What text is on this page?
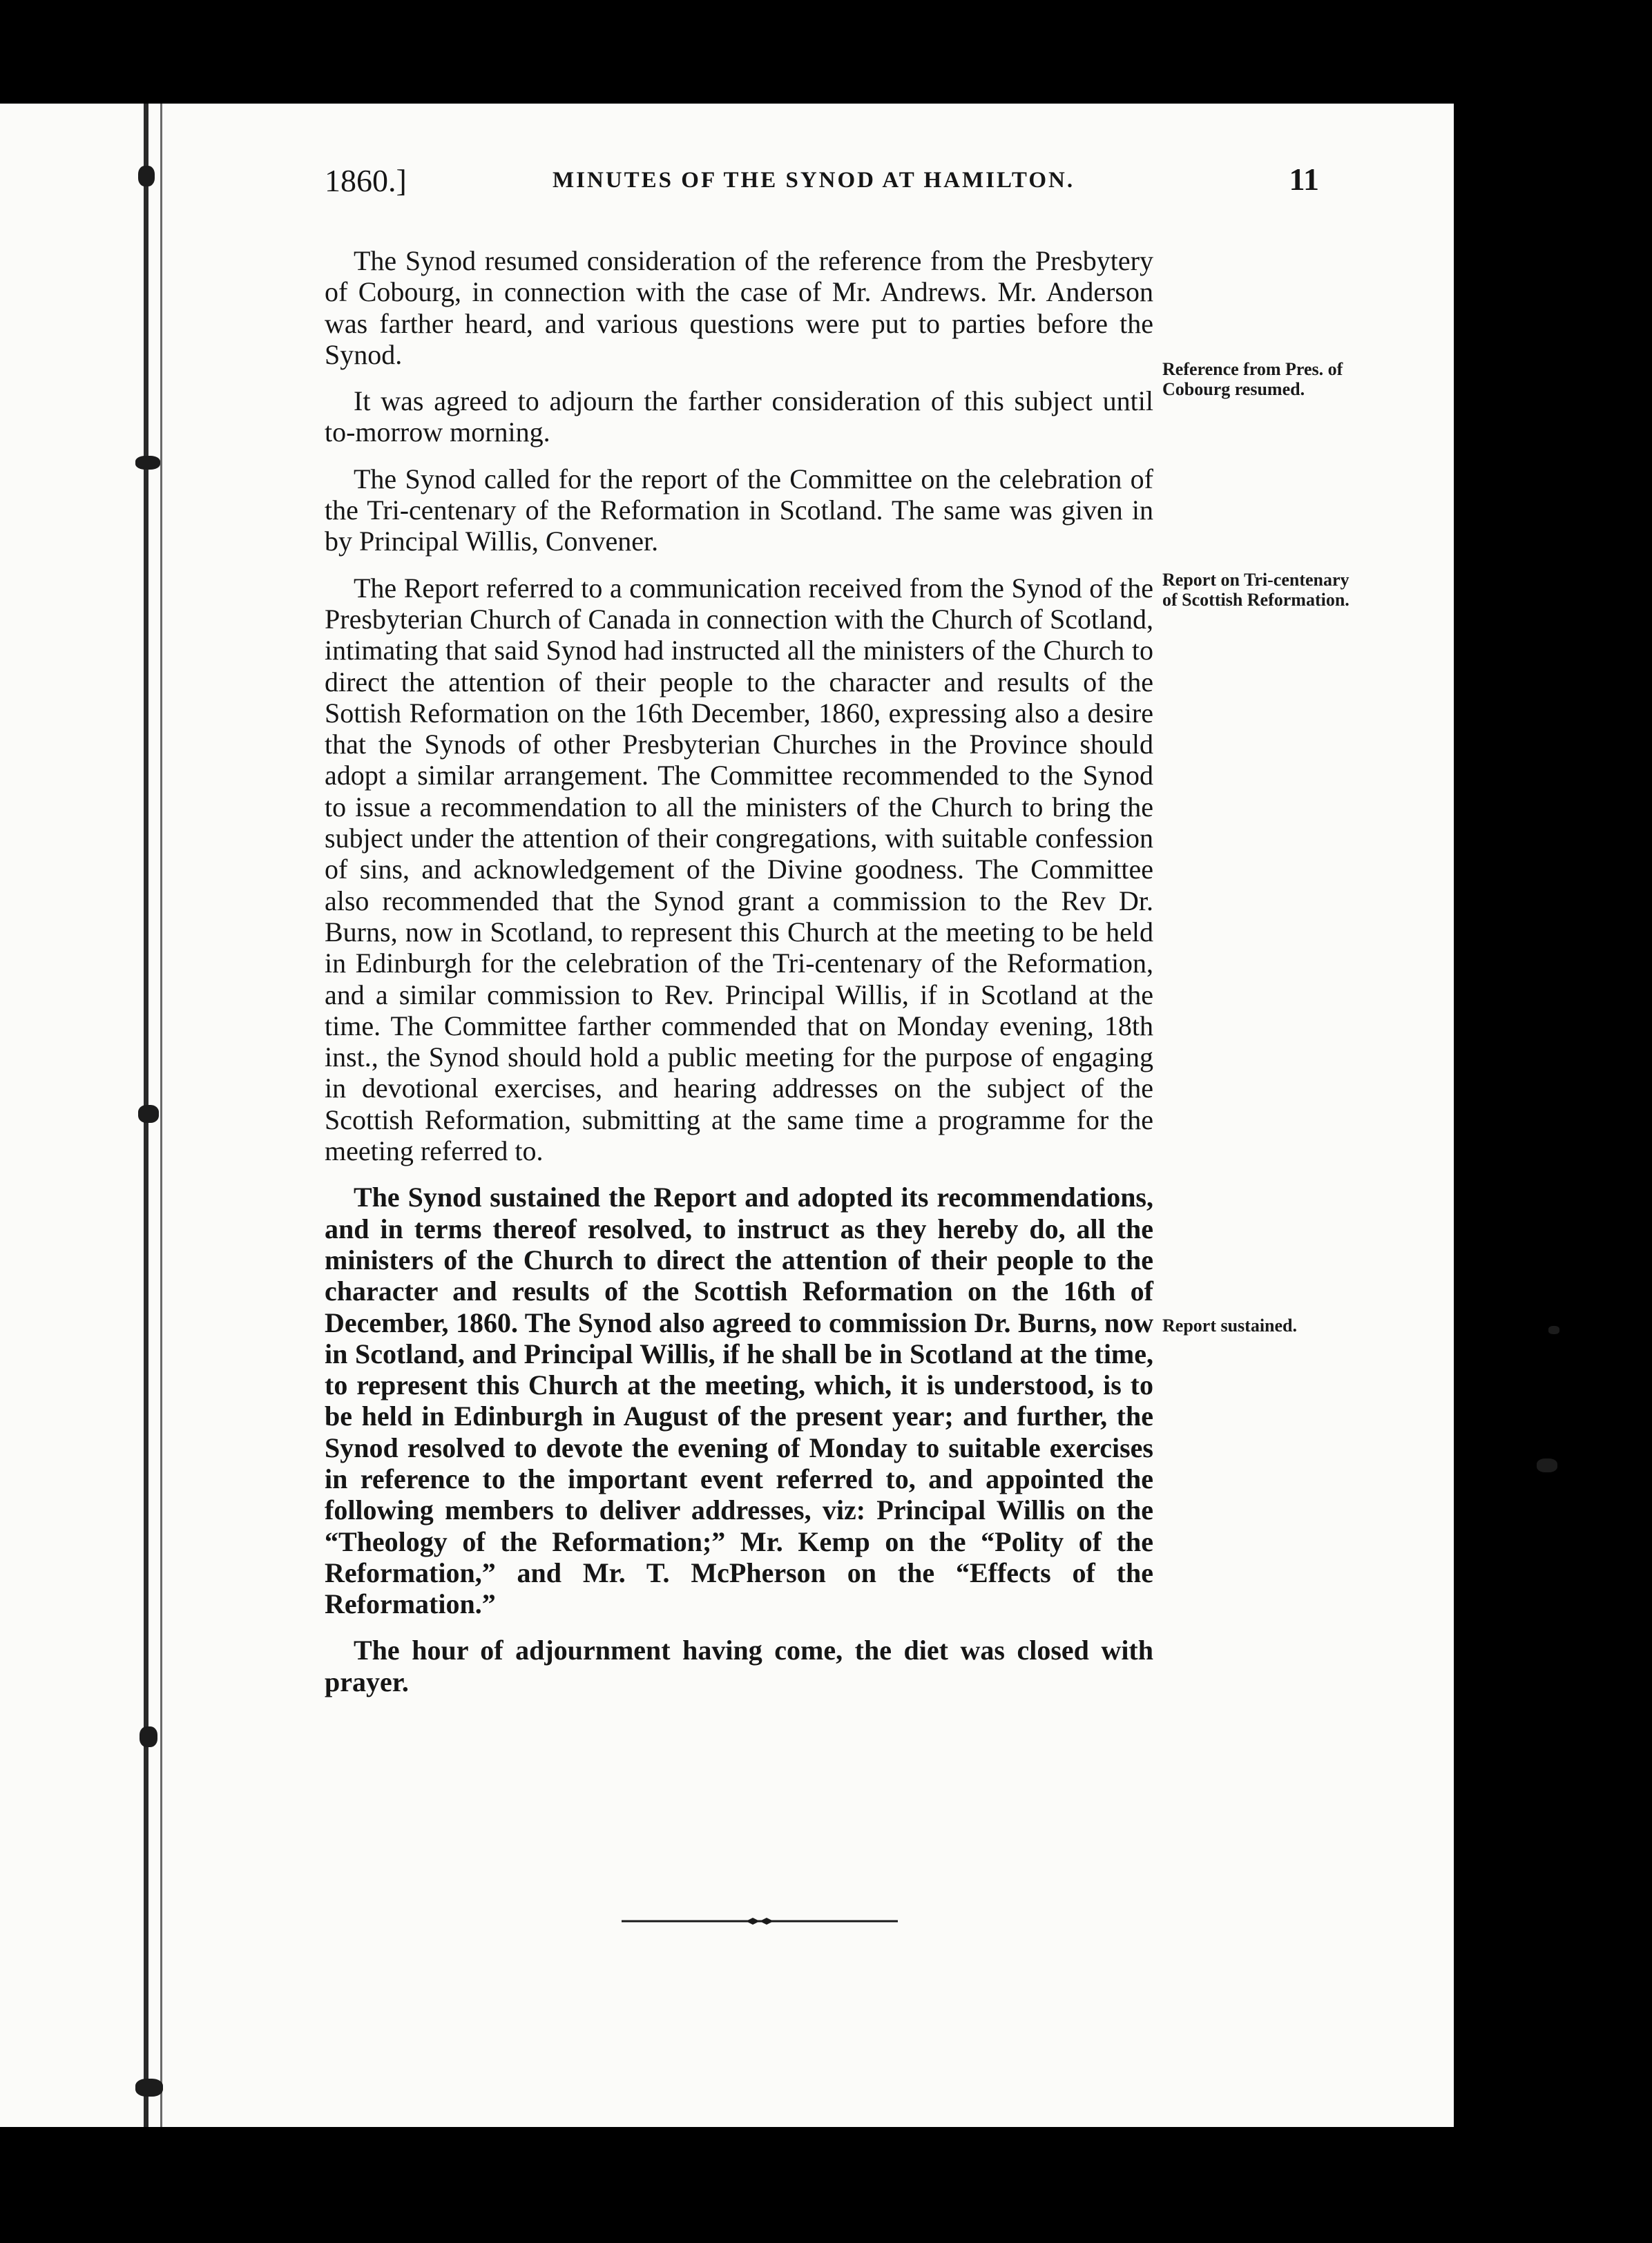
1860.]	MINUTES OF THE SYNOD AT HAMILTON.	11

The Synod resumed consideration of the reference from the Presbytery of Cobourg, in connection with the case of Mr. Andrews. Mr. Anderson was farther heard, and various questions were put to parties before the Synod.

It was agreed to adjourn the farther consideration of this subject until to-morrow morning.

The Synod called for the report of the Committee on the celebration of the Tri-centenary of the Reformation in Scotland. The same was given in by Principal Willis, Convener.

The Report referred to a communication received from the Synod of the Presbyterian Church of Canada in connection with the Church of Scotland, intimating that said Synod had instructed all the ministers of the Church to direct the attention of their people to the character and results of the Sottish Reformation on the 16th December, 1860, expressing also a desire that the Synods of other Presbyterian Churches in the Province should adopt a similar arrangement. The Committee recommended to the Synod to issue a recommendation to all the ministers of the Church to bring the subject under the attention of their congregations, with suitable confession of sins, and acknowledgement of the Divine goodness. The Committee also recommended that the Synod grant a commission to the Rev Dr. Burns, now in Scotland, to represent this Church at the meeting to be held in Edinburgh for the celebration of the Tri-centenary of the Reformation, and a similar commission to Rev. Principal Willis, if in Scotland at the time. The Committee farther commended that on Monday evening, 18th inst., the Synod should hold a public meeting for the purpose of engaging in devotional exercises, and hearing addresses on the subject of the Scottish Reformation, submitting at the same time a programme for the meeting referred to.

The Synod sustained the Report and adopted its recommendations, and in terms thereof resolved, to instruct as they hereby do, all the ministers of the Church to direct the attention of their people to the character and results of the Scottish Reformation on the 16th of December, 1860. The Synod also agreed to commission Dr. Burns, now in Scotland, and Principal Willis, if he shall be in Scotland at the time, to represent this Church at the meeting, which, it is understood, is to be held in Edinburgh in August of the present year; and further, the Synod resolved to devote the evening of Monday to suitable exercises in reference to the important event referred to, and appointed the following members to deliver addresses, viz: Principal Willis on the “Theology of the Reformation;” Mr. Kemp on the “Polity of the Reformation,” and Mr. T. McPherson on the “Effects of the Reformation.”

The hour of adjournment having come, the diet was closed with prayer.

Reference from Pres. of Cobourg resumed.
Report on Tri-centenary of Scottish Reformation.
Report sustained.
